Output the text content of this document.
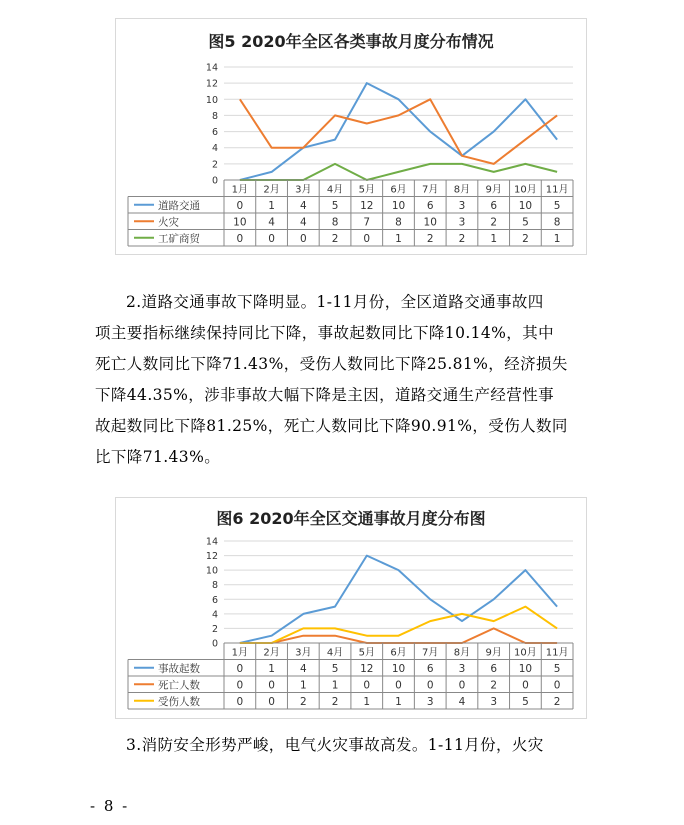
图5 2020年全区各类事故月度分布情况
0
2
4
6
8
10
12
14
1月 2月 3月 4月 5月 6月 7月 8月 9月 10月 11月
道路交通	0 1 4 5 12 10 6 3 6 10 5
火灾	10 4 4 8 7 8 10 3 2 5 8
工矿商贸	0 0 0 2 0 1 2 2 1 2 1
2.道路交通事故下降明显。1-11月份，全区道路交通事故四
项主要指标继续保持同比下降，事故起数同比下降10.14%，其中
死亡人数同比下降71.43%，受伤人数同比下降25.81%，经济损失
下降44.35%，涉非事故大幅下降是主因，道路交通生产经营性事
故起数同比下降81.25%，死亡人数同比下降90.91%，受伤人数同
比下降71.43%。
图6 2020年全区交通事故月度分布图
0
2
4
6
8
10
12
14
1月 2月 3月 4月 5月 6月 7月 8月 9月 10月 11月
事故起数	0 1 4 5 12 10 6 3 6 10 5
死亡人数	0 0 1 1 0 0 0 0 2 0 0
受伤人数	0 0 2 2 1 1 3 4 3 5 2
3.消防安全形势严峻，电气火灾事故高发。1-11月份，火灾
- 8 -
